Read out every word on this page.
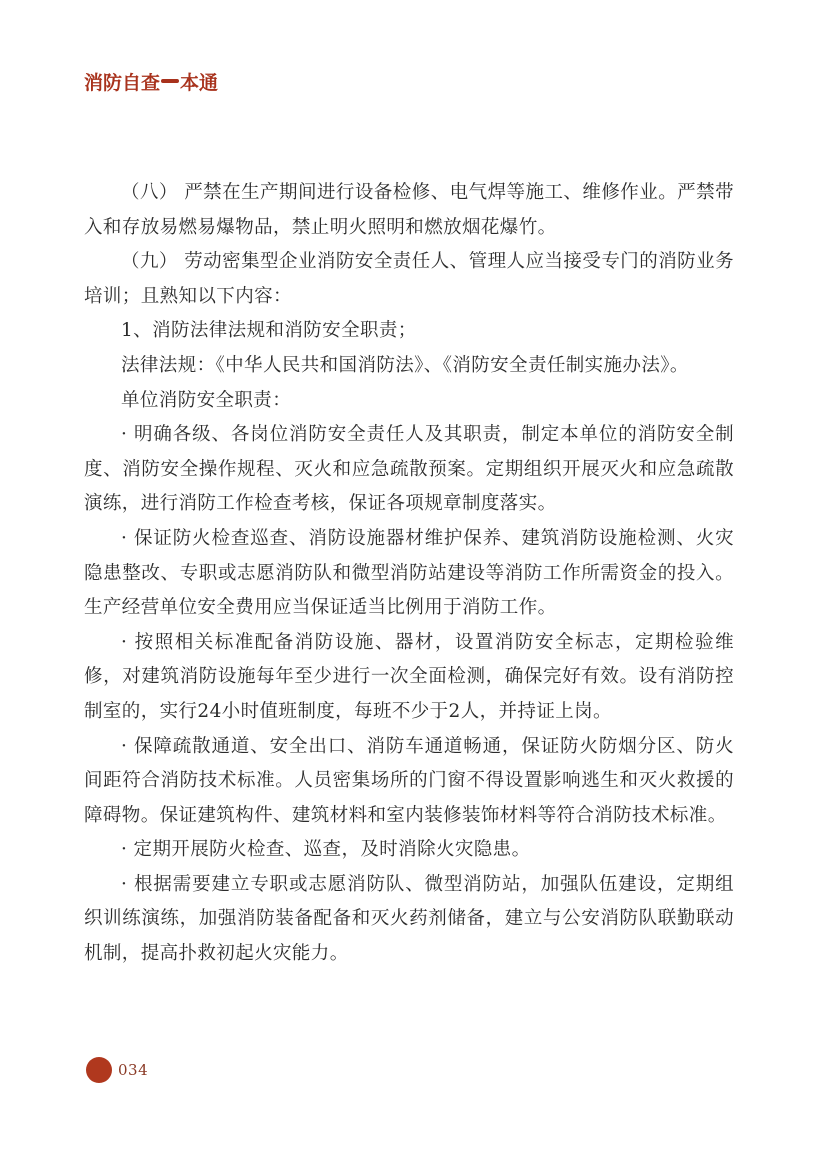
消防自查 本通

（八） 严禁在生产期间进行设备检修、电气焊等施工、维修作业。严禁带入和存放易燃易爆物品，禁止明火照明和燃放烟花爆竹。

（九） 劳动密集型企业消防安全责任人、管理人应当接受专门的消防业务培训；且熟知以下内容：

1、消防法律法规和消防安全职责；

法律法规：《中华人民共和国消防法》、《消防安全责任制实施办法》。

单位消防安全职责：

· 明确各级、各岗位消防安全责任人及其职责，制定本单位的消防安全制度、消防安全操作规程、灭火和应急疏散预案。定期组织开展灭火和应急疏散演练，进行消防工作检查考核，保证各项规章制度落实。

· 保证防火检查巡查、消防设施器材维护保养、建筑消防设施检测、火灾隐患整改、专职或志愿消防队和微型消防站建设等消防工作所需资金的投入。生产经营单位安全费用应当保证适当比例用于消防工作。

· 按照相关标准配备消防设施、器材，设置消防安全标志，定期检验维修，对建筑消防设施每年至少进行一次全面检测，确保完好有效。设有消防控制室的，实行24小时值班制度，每班不少于2人，并持证上岗。

· 保障疏散通道、安全出口、消防车通道畅通，保证防火防烟分区、防火间距符合消防技术标准。人员密集场所的门窗不得设置影响逃生和灭火救援的障碍物。保证建筑构件、建筑材料和室内装修装饰材料等符合消防技术标准。

· 定期开展防火检查、巡查，及时消除火灾隐患。

· 根据需要建立专职或志愿消防队、微型消防站，加强队伍建设，定期组织训练演练，加强消防装备配备和灭火药剂储备，建立与公安消防队联勤联动机制，提高扑救初起火灾能力。

034
